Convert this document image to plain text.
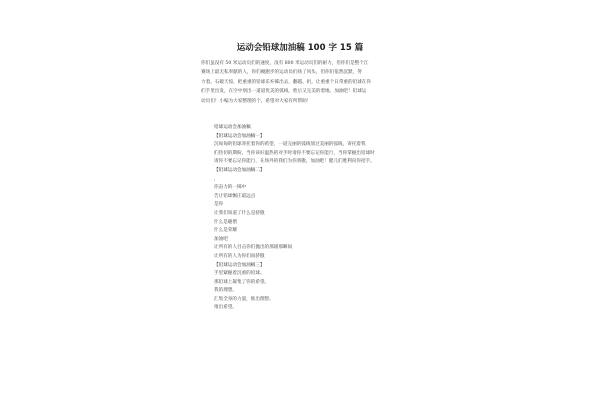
运动会铅球加油稿 100 字 15 篇
你们虽没有 50 米运动员们的速度，没有 800 米运动员们的耐力，但你们是整个江
赛场上最无私奉献的人，你们褪跑步的运动员们扬了风头，但你们依然沉默，努
力着。石破天惊，把重重的铅球乐弃掷出去，翻越、扔，让重重个日常重的铅球在你
们手里出发，在空中划出一道道优美的弧线，胜后又完美的着地。加油吧！铅球运
动员们！小编为大家整理的个，希望对大家有所帮助！
铅球运动会加油稿
【铅球运动会加油稿一】
沉甸甸的铅球寄托着你的希望，一道完丽的弧线划过美丽的弧线，寄托着我
们热切的期盼，当你该好温热的对手时请你不要忘记你能行，当你掌握出铅球时
请你不要忘记你能行，在场外的我们为你骄傲，加油吧！健儿们胜利向你招手。
【铅球运动会加油稿二】
，
你奋力的一掷中
告让铅球飘庄最远点
是你
让我们知道了什么是骄傲
什么是趣僧
什么是荣耀
加油吧
让所有的人目击你们抛出的那剧那瞬间
让所有的人为你们而骄傲
【铅球运动会加油稿三】
手里紧握着沉重的铅球。
那铅球上凝集了你的希望。
我的理想。
汇集全身的力量，推出理想。
推出希望。
